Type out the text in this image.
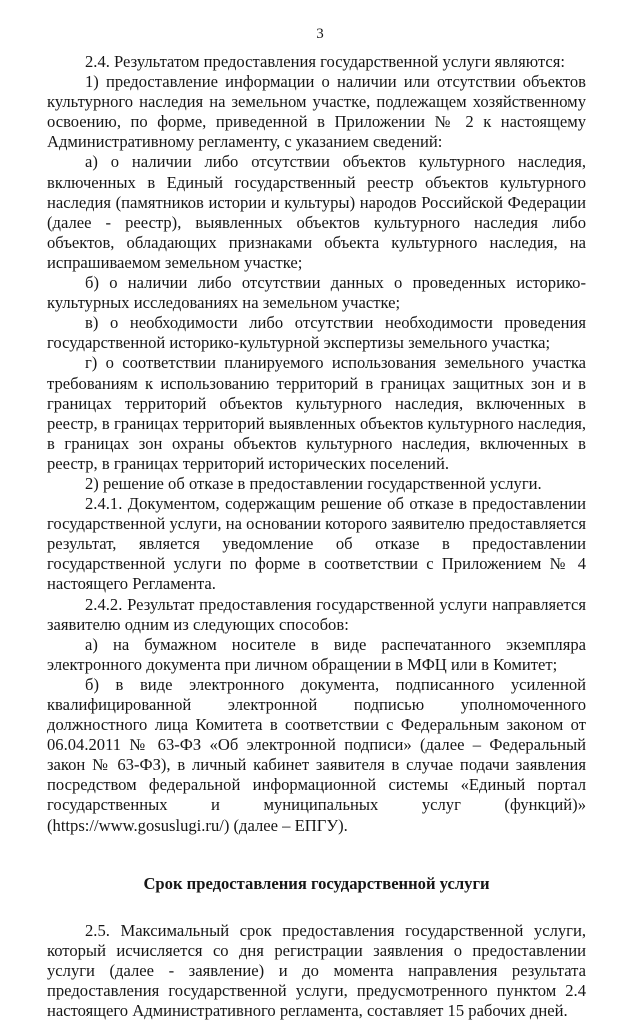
3

2.4. Результатом предоставления государственной услуги являются:

1) предоставление информации о наличии или отсутствии объектов культурного наследия на земельном участке, подлежащем хозяйственному освоению, по форме, приведенной в Приложении № 2 к настоящему Административному регламенту, с указанием сведений:

а) о наличии либо отсутствии объектов культурного наследия, включенных в Единый государственный реестр объектов культурного наследия (памятников истории и культуры) народов Российской Федерации (далее - реестр), выявленных объектов культурного наследия либо объектов, обладающих признаками объекта культурного наследия, на испрашиваемом земельном участке;

б) о наличии либо отсутствии данных о проведенных историко-культурных исследованиях на земельном участке;

в) о необходимости либо отсутствии необходимости проведения государственной историко-культурной экспертизы земельного участка;

г) о соответствии планируемого использования земельного участка требованиям к использованию территорий в границах защитных зон и в границах территорий объектов культурного наследия, включенных в реестр, в границах территорий выявленных объектов культурного наследия, в границах зон охраны объектов культурного наследия, включенных в реестр, в границах территорий исторических поселений.

2) решение об отказе в предоставлении государственной услуги.

2.4.1. Документом, содержащим решение об отказе в предоставлении государственной услуги, на основании которого заявителю предоставляется результат, является уведомление об отказе в предоставлении государственной услуги по форме в соответствии с Приложением № 4 настоящего Регламента.

2.4.2. Результат предоставления государственной услуги направляется заявителю одним из следующих способов:

а) на бумажном носителе в виде распечатанного экземпляра электронного документа при личном обращении в МФЦ или в Комитет;

б) в виде электронного документа, подписанного усиленной квалифицированной электронной подписью уполномоченного должностного лица Комитета в соответствии с Федеральным законом от 06.04.2011 № 63-ФЗ «Об электронной подписи» (далее – Федеральный закон № 63-ФЗ), в личный кабинет заявителя в случае подачи заявления посредством федеральной информационной системы «Единый портал государственных и муниципальных услуг (функций)» (https://www.gosuslugi.ru/) (далее – ЕПГУ).

Срок предоставления государственной услуги

2.5. Максимальный срок предоставления государственной услуги, который исчисляется со дня регистрации заявления о предоставлении услуги (далее - заявление) и до момента направления результата предоставления государственной услуги, предусмотренного пунктом 2.4 настоящего Административного регламента, составляет 15 рабочих дней.
